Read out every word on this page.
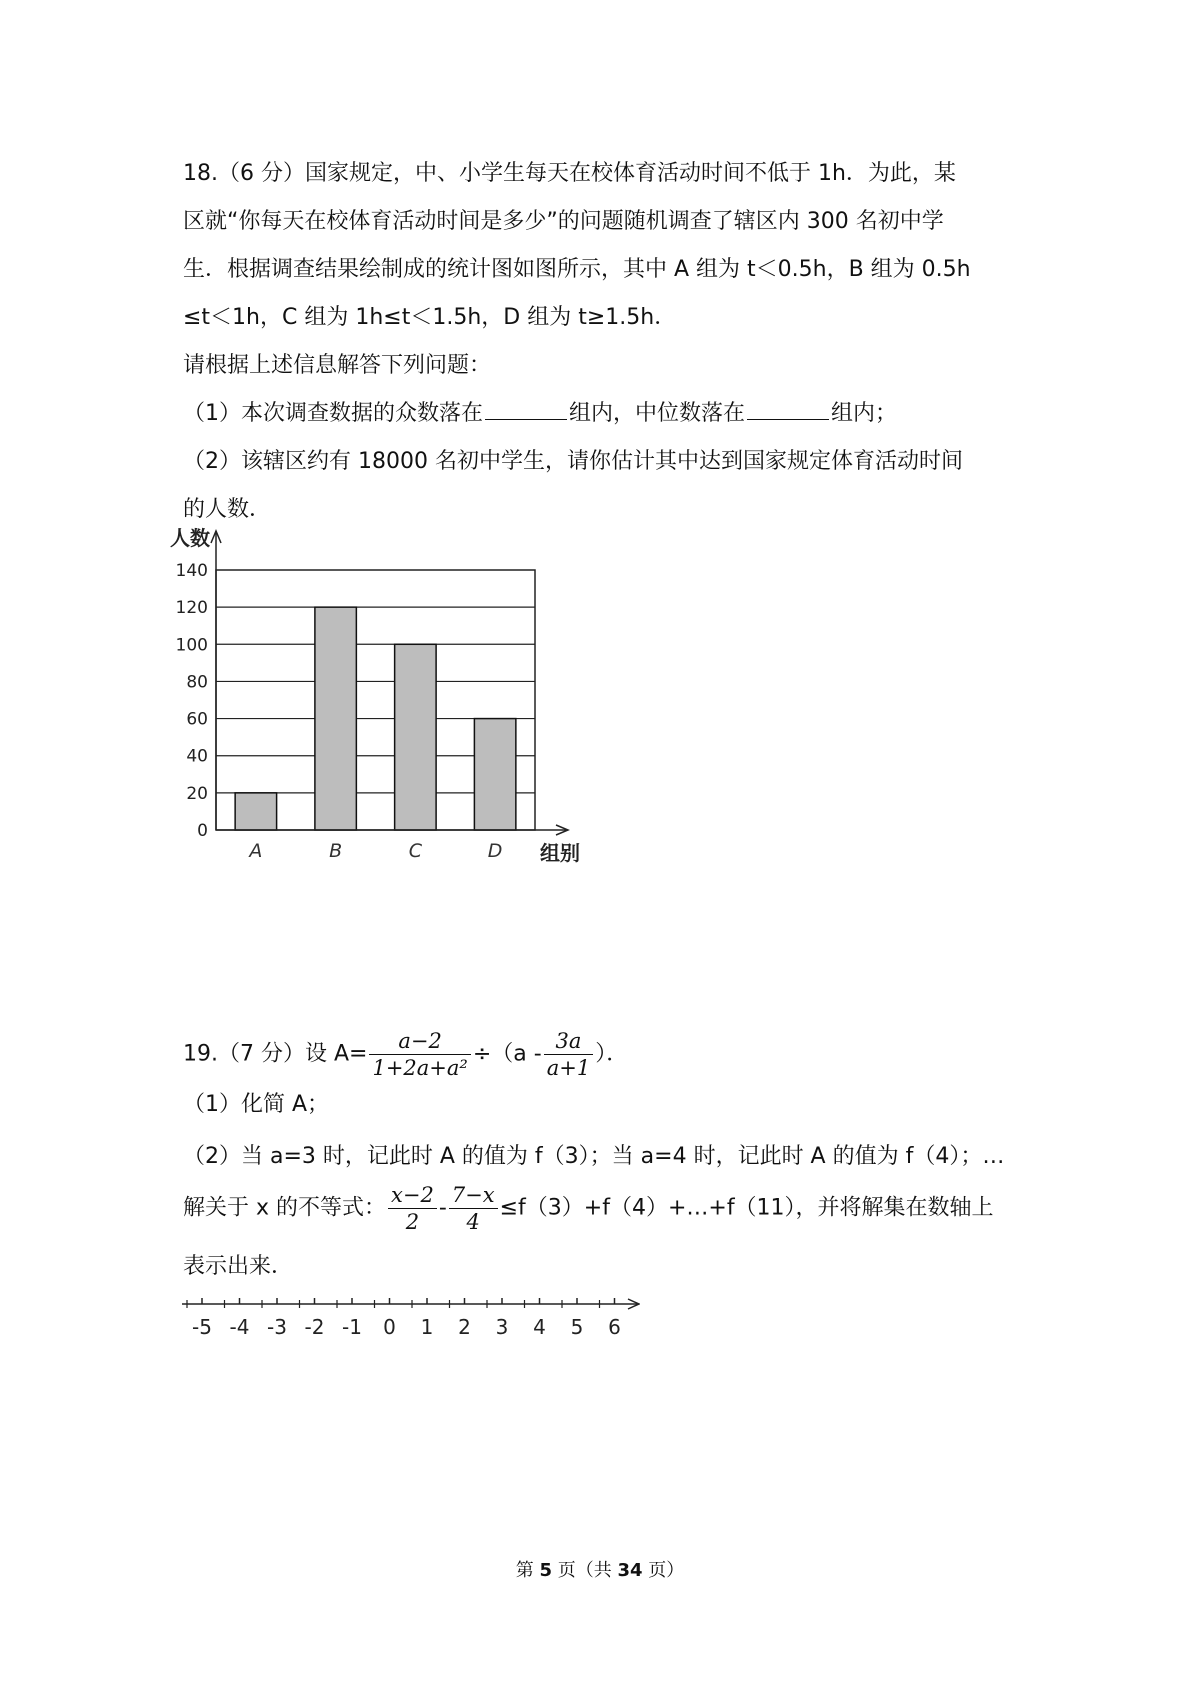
18.（6 分）国家规定，中、小学生每天在校体育活动时间不低于 1h．为此，某
区就“你每天在校体育活动时间是多少”的问题随机调查了辖区内 300 名初中学
生．根据调查结果绘制成的统计图如图所示，其中 A 组为 t＜0.5h，B 组为 0.5h
≤t＜1h，C 组为 1h≤t＜1.5h，D 组为 t≥1.5h．
请根据上述信息解答下列问题：
（1）本次调查数据的众数落在	组内，中位数落在	组内；
（2）该辖区约有 18000 名初中学生，请你估计其中达到国家规定体育活动时间
的人数．
0
20
40
60
80
100
120
140
A	B	C	D
人数
组别
19.（7 分）设 $A= \frac{a-2}{\text{1+2a+a²}} \div(a - \frac{3a}{a+1}$ ）．
（1）化简 A；
（2）当 a=3 时，记此时 A 的值为 f（3）；当 a=4 时，记此时 A 的值为 f（4）；…
解关于 x 的不等式： $\frac{x-2}{2} - \frac{7-x}{4}$ ≤f（3）+f（4）+…+f（11），并将解集在数轴上
表示出来．
-5 -4 -3 -2 -1 0 1 2 3 4 5 6
第 5 页（共 34 页）
